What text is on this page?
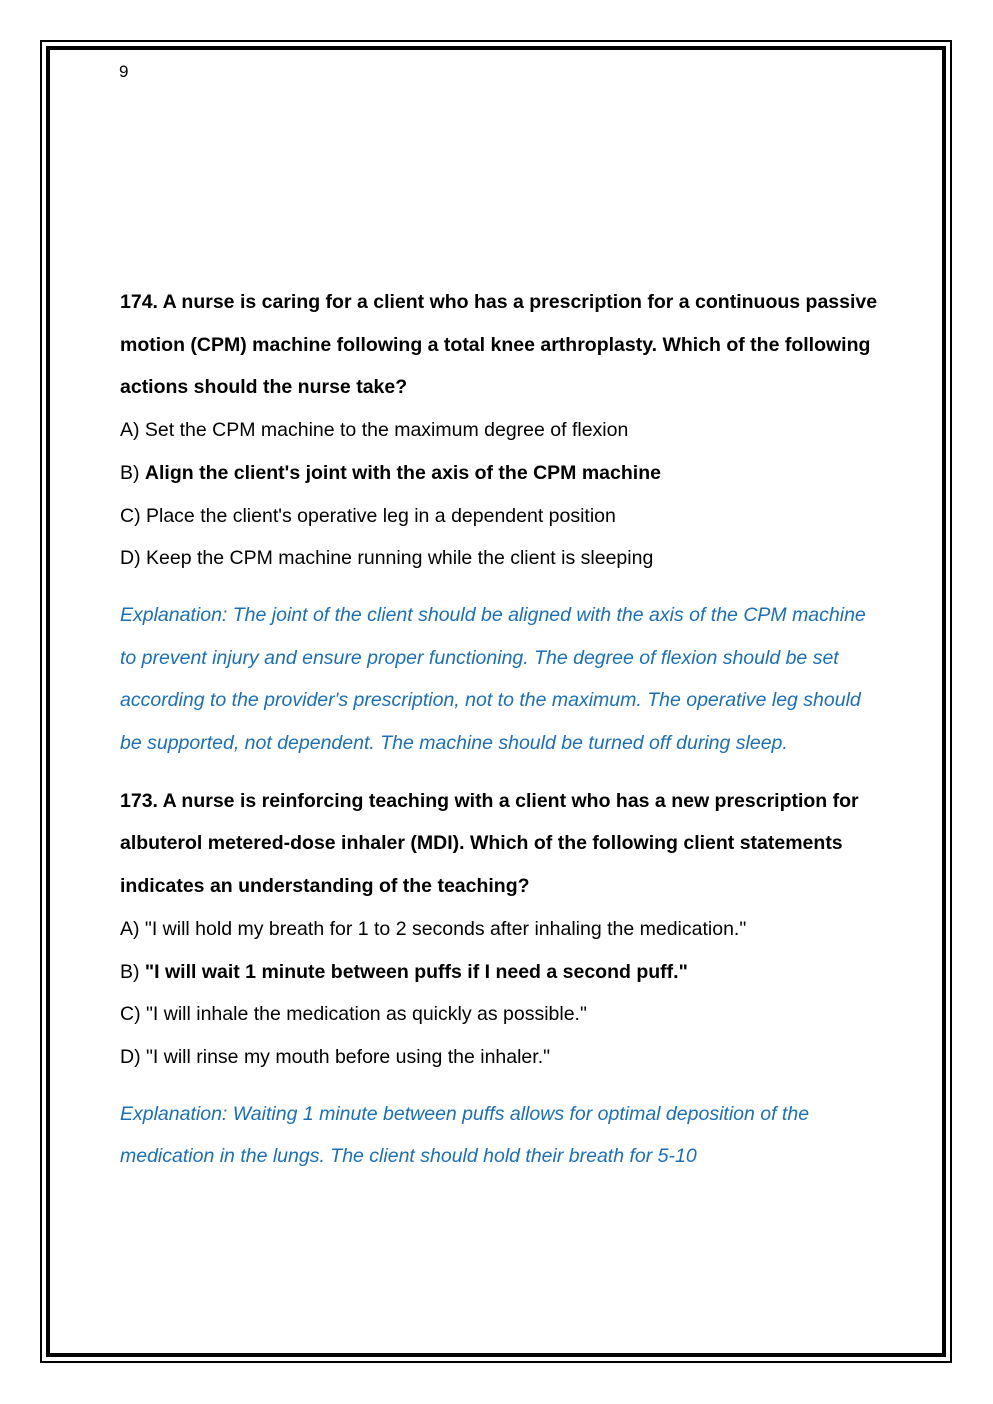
9

174. A nurse is caring for a client who has a prescription for a continuous passive motion (CPM) machine following a total knee arthroplasty. Which of the following actions should the nurse take?

A) Set the CPM machine to the maximum degree of flexion

B) Align the client's joint with the axis of the CPM machine

C) Place the client's operative leg in a dependent position

D) Keep the CPM machine running while the client is sleeping

Explanation: The joint of the client should be aligned with the axis of the CPM machine to prevent injury and ensure proper functioning. The degree of flexion should be set according to the provider's prescription, not to the maximum. The operative leg should be supported, not dependent. The machine should be turned off during sleep.

173. A nurse is reinforcing teaching with a client who has a new prescription for albuterol metered-dose inhaler (MDI). Which of the following client statements indicates an understanding of the teaching?

A) "I will hold my breath for 1 to 2 seconds after inhaling the medication."

B) "I will wait 1 minute between puffs if I need a second puff."

C) "I will inhale the medication as quickly as possible."

D) "I will rinse my mouth before using the inhaler."

Explanation: Waiting 1 minute between puffs allows for optimal deposition of the medication in the lungs. The client should hold their breath for 5-10
